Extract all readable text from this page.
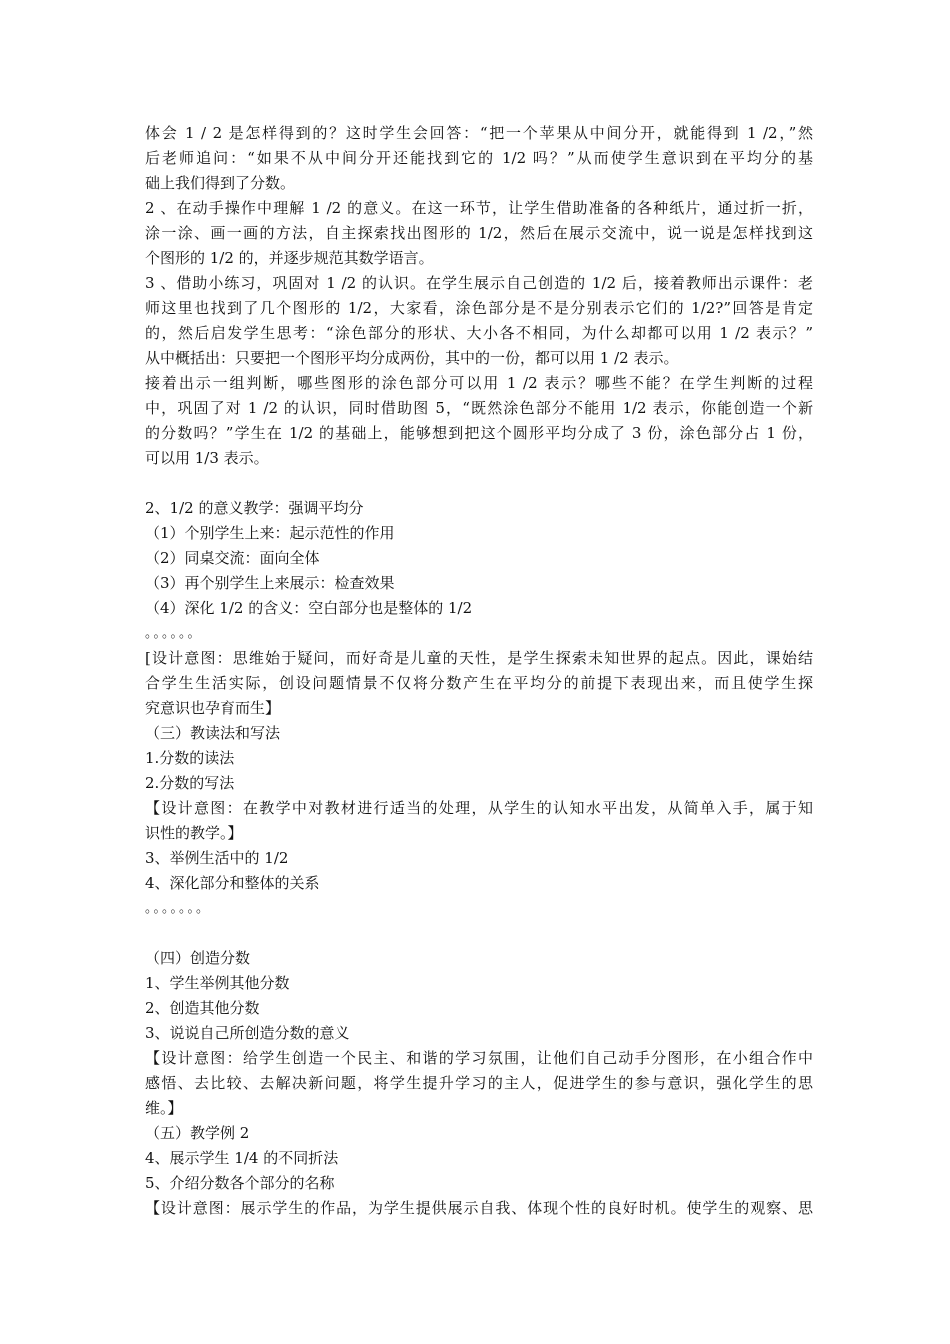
体会 1 / 2 是怎样得到的？这时学生会回答：“把一个苹果从中间分开，就能得到 1 /2，”然
后老师追问：“如果不从中间分开还能找到它的 1/2 吗？”从而使学生意识到在平均分的基
础上我们得到了分数。
2 、在动手操作中理解 1 /2 的意义。在这一环节，让学生借助准备的各种纸片，通过折一折，
涂一涂、画一画的方法，自主探索找出图形的 1/2，然后在展示交流中，说一说是怎样找到这
个图形的 1/2 的，并逐步规范其数学语言。
3 、借助小练习，巩固对 1 /2 的认识。在学生展示自己创造的 1/2 后，接着教师出示课件：老
师这里也找到了几个图形的 1/2，大家看，涂色部分是不是分别表示它们的 1/2?”回答是肯定
的，然后启发学生思考：“涂色部分的形状、大小各不相同，为什么却都可以用 1 /2 表示？”
从中概括出：只要把一个图形平均分成两份，其中的一份，都可以用 1 /2 表示。
接着出示一组判断，哪些图形的涂色部分可以用 1 /2 表示？哪些不能？在学生判断的过程
中，巩固了对 1 /2 的认识，同时借助图 5，“既然涂色部分不能用 1/2 表示，你能创造一个新
的分数吗？”学生在 1/2 的基础上，能够想到把这个圆形平均分成了 3 份，涂色部分占 1 份，
可以用 1/3 表示。
2、1/2 的意义教学：强调平均分
（1）个别学生上来：起示范性的作用
（2）同桌交流：面向全体
（3）再个别学生上来展示：检查效果
（4）深化 1/2 的含义：空白部分也是整体的 1/2
。。。。。。
[设计意图：思维始于疑问，而好奇是儿童的天性，是学生探索未知世界的起点。因此，课始结
合学生生活实际，创设问题情景不仅将分数产生在平均分的前提下表现出来，而且使学生探
究意识也孕育而生】
（三）教读法和写法
1.分数的读法
2.分数的写法
【设计意图：在教学中对教材进行适当的处理，从学生的认知水平出发，从简单入手，属于知
识性的教学。】
3、举例生活中的 1/2
4、深化部分和整体的关系
。。。。。。。
（四）创造分数
1、学生举例其他分数
2、创造其他分数
3、说说自己所创造分数的意义
【设计意图：给学生创造一个民主、和谐的学习氛围，让他们自己动手分图形，在小组合作中
感悟、去比较、去解决新问题，将学生提升学习的主人，促进学生的参与意识，强化学生的思
维。】
（五）教学例 2
4、展示学生 1/4 的不同折法
5、介绍分数各个部分的名称
【设计意图：展示学生的作品，为学生提供展示自我、体现个性的良好时机。使学生的观察、思
